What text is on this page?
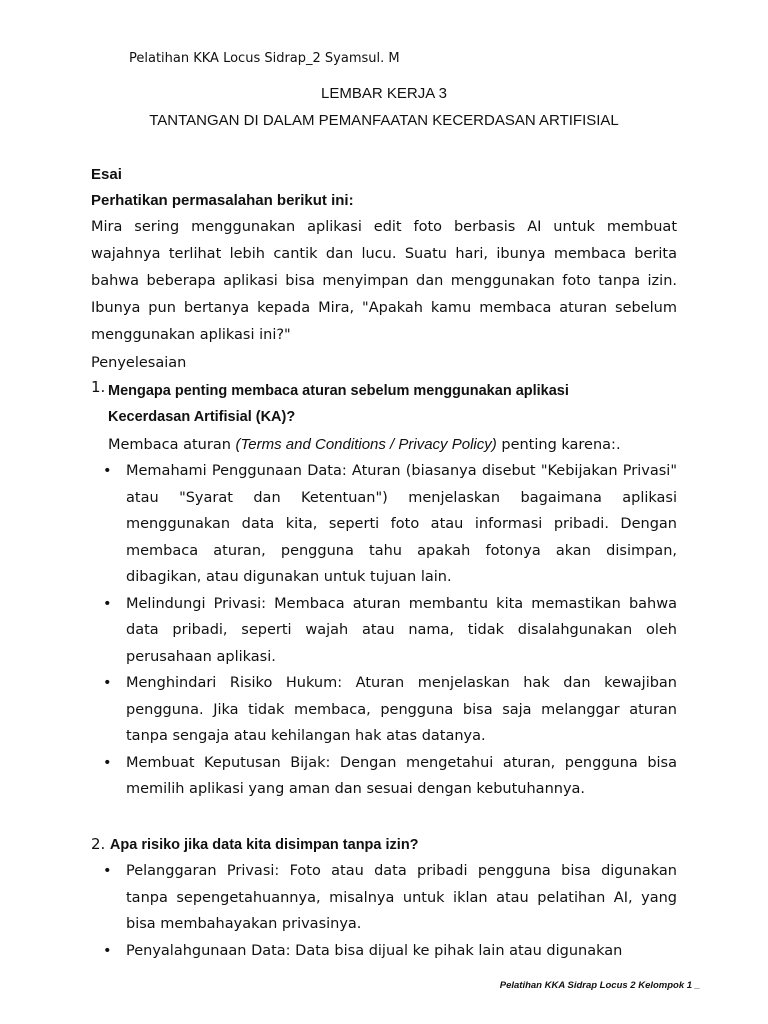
Pelatihan KKA Locus Sidrap_2 Syamsul. M
LEMBAR KERJA 3
TANTANGAN DI DALAM PEMANFAATAN KECERDASAN ARTIFISIAL
Esai
Perhatikan permasalahan berikut ini:
Mira sering menggunakan aplikasi edit foto berbasis AI untuk membuat wajahnya terlihat lebih cantik dan lucu. Suatu hari, ibunya membaca berita bahwa beberapa aplikasi bisa menyimpan dan menggunakan foto tanpa izin. Ibunya pun bertanya kepada Mira, "Apakah kamu membaca aturan sebelum menggunakan aplikasi ini?"
Penyelesaian
1. Mengapa penting membaca aturan sebelum menggunakan aplikasi
Kecerdasan Artifisial (KA)?
Membaca aturan (Terms and Conditions / Privacy Policy) penting karena:.
• Memahami Penggunaan Data: Aturan (biasanya disebut "Kebijakan Privasi" atau "Syarat dan Ketentuan") menjelaskan bagaimana aplikasi menggunakan data kita, seperti foto atau informasi pribadi. Dengan membaca aturan, pengguna tahu apakah fotonya akan disimpan, dibagikan, atau digunakan untuk tujuan lain.
• Melindungi Privasi: Membaca aturan membantu kita memastikan bahwa data pribadi, seperti wajah atau nama, tidak disalahgunakan oleh perusahaan aplikasi.
• Menghindari Risiko Hukum: Aturan menjelaskan hak dan kewajiban pengguna. Jika tidak membaca, pengguna bisa saja melanggar aturan tanpa sengaja atau kehilangan hak atas datanya.
• Membuat Keputusan Bijak: Dengan mengetahui aturan, pengguna bisa memilih aplikasi yang aman dan sesuai dengan kebutuhannya.
2. Apa risiko jika data kita disimpan tanpa izin?
• Pelanggaran Privasi: Foto atau data pribadi pengguna bisa digunakan tanpa sepengetahuannya, misalnya untuk iklan atau pelatihan AI, yang bisa membahayakan privasinya.
• Penyalahgunaan Data: Data bisa dijual ke pihak lain atau digunakan
Pelatihan KKA Sidrap Locus 2 Kelompok 1 _
